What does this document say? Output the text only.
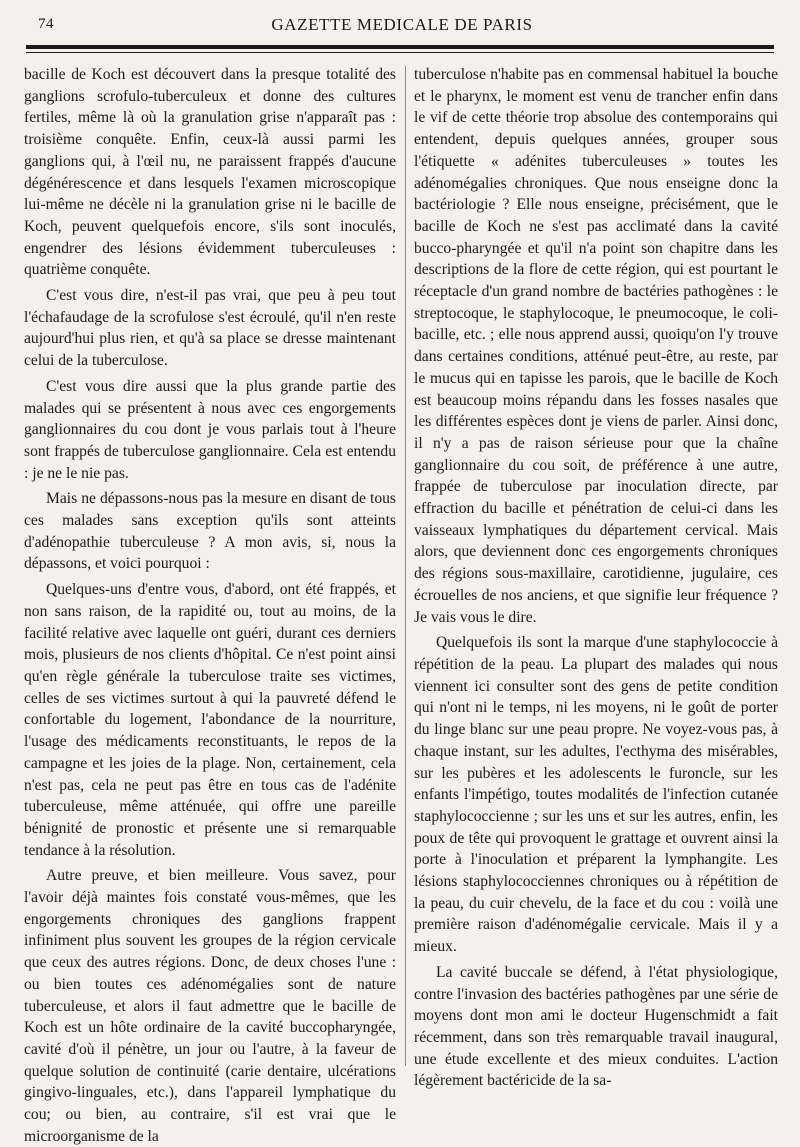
74	GAZETTE MEDICALE DE PARIS

bacille de Koch est découvert dans la presque totalité des ganglions scrofulo-tuberculeux et donne des cultures fertiles, même là où la granulation grise n'apparaît pas : troisième conquête. Enfin, ceux-là aussi parmi les ganglions qui, à l'œil nu, ne paraissent frappés d'aucune dégénérescence et dans lesquels l'examen microscopique lui-même ne décèle ni la granulation grise ni le bacille de Koch, peuvent quelquefois encore, s'ils sont inoculés, engendrer des lésions évidemment tuberculeuses : quatrième conquête.

C'est vous dire, n'est-il pas vrai, que peu à peu tout l'échafaudage de la scrofulose s'est écroulé, qu'il n'en reste aujourd'hui plus rien, et qu'à sa place se dresse maintenant celui de la tuberculose.

C'est vous dire aussi que la plus grande partie des malades qui se présentent à nous avec ces engorgements ganglionnaires du cou dont je vous parlais tout à l'heure sont frappés de tuberculose ganglionnaire. Cela est entendu : je ne le nie pas.

Mais ne dépassons-nous pas la mesure en disant de tous ces malades sans exception qu'ils sont atteints d'adénopathie tuberculeuse ? A mon avis, si, nous la dépassons, et voici pourquoi :

Quelques-uns d'entre vous, d'abord, ont été frappés, et non sans raison, de la rapidité ou, tout au moins, de la facilité relative avec laquelle ont guéri, durant ces derniers mois, plusieurs de nos clients d'hôpital. Ce n'est point ainsi qu'en règle générale la tuberculose traite ses victimes, celles de ses victimes surtout à qui la pauvreté défend le confortable du logement, l'abondance de la nourriture, l'usage des médicaments reconstituants, le repos de la campagne et les joies de la plage. Non, certainement, cela n'est pas, cela ne peut pas être en tous cas de l'adénite tuberculeuse, même atténuée, qui offre une pareille bénignité de pronostic et présente une si remarquable tendance à la résolution.

Autre preuve, et bien meilleure. Vous savez, pour l'avoir déjà maintes fois constaté vous-mêmes, que les engorgements chroniques des ganglions frappent infiniment plus souvent les groupes de la région cervicale que ceux des autres régions. Donc, de deux choses l'une : ou bien toutes ces adénomégalies sont de nature tuberculeuse, et alors il faut admettre que le bacille de Koch est un hôte ordinaire de la cavité buccopharyngée, cavité d'où il pénètre, un jour ou l'autre, à la faveur de quelque solution de continuité (carie dentaire, ulcérations gingivo-linguales, etc.), dans l'appareil lymphatique du cou; ou bien, au contraire, s'il est vrai que le microorganisme de la

tuberculose n'habite pas en commensal habituel la bouche et le pharynx, le moment est venu de trancher enfin dans le vif de cette théorie trop absolue des contemporains qui entendent, depuis quelques années, grouper sous l'étiquette « adénites tuberculeuses » toutes les adénomégalies chroniques. Que nous enseigne donc la bactériologie ? Elle nous enseigne, précisément, que le bacille de Koch ne s'est pas acclimaté dans la cavité bucco-pharyngée et qu'il n'a point son chapitre dans les descriptions de la flore de cette région, qui est pourtant le réceptacle d'un grand nombre de bactéries pathogènes : le streptocoque, le staphylocoque, le pneumocoque, le coli-bacille, etc. ; elle nous apprend aussi, quoiqu'on l'y trouve dans certaines conditions, atténué peut-être, au reste, par le mucus qui en tapisse les parois, que le bacille de Koch est beaucoup moins répandu dans les fosses nasales que les différentes espèces dont je viens de parler. Ainsi donc, il n'y a pas de raison sérieuse pour que la chaîne ganglionnaire du cou soit, de préférence à une autre, frappée de tuberculose par inoculation directe, par effraction du bacille et pénétration de celui-ci dans les vaisseaux lymphatiques du département cervical. Mais alors, que deviennent donc ces engorgements chroniques des régions sous-maxillaire, carotidienne, jugulaire, ces écrouelles de nos anciens, et que signifie leur fréquence ? Je vais vous le dire.

Quelquefois ils sont la marque d'une staphylococcie à répétition de la peau. La plupart des malades qui nous viennent ici consulter sont des gens de petite condition qui n'ont ni le temps, ni les moyens, ni le goût de porter du linge blanc sur une peau propre. Ne voyez-vous pas, à chaque instant, sur les adultes, l'ecthyma des misérables, sur les pubères et les adolescents le furoncle, sur les enfants l'impétigo, toutes modalités de l'infection cutanée staphylococcienne ; sur les uns et sur les autres, enfin, les poux de tête qui provoquent le grattage et ouvrent ainsi la porte à l'inoculation et préparent la lymphangite. Les lésions staphylococciennes chroniques ou à répétition de la peau, du cuir chevelu, de la face et du cou : voilà une première raison d'adénomégalie cervicale. Mais il y a mieux.

La cavité buccale se défend, à l'état physiologique, contre l'invasion des bactéries pathogènes par une série de moyens dont mon ami le docteur Hugenschmidt a fait récemment, dans son très remarquable travail inaugural, une étude excellente et des mieux conduites. L'action légèrement bactéricide de la sa-
